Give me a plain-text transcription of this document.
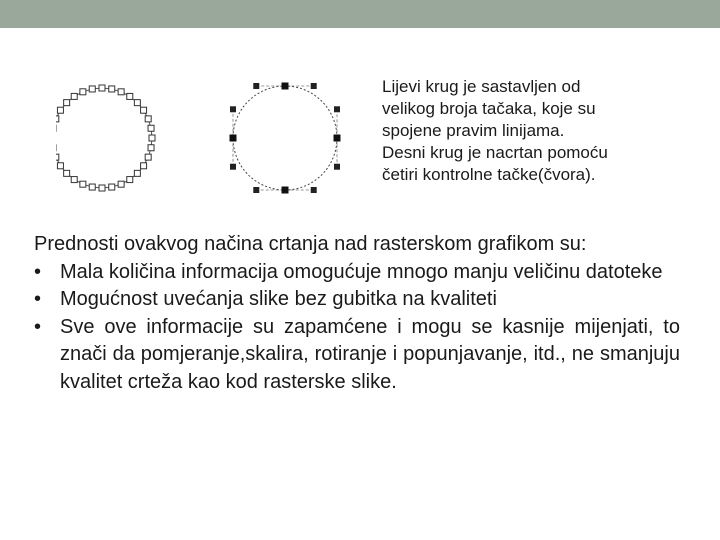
Lijevi krug je sastavljen od
velikog broja tačaka, koje su
spojene pravim linijama.
Desni krug je nacrtan pomoću
četiri kontrolne tačke(čvora).

Prednosti ovakvog načina crtanja nad rasterskom grafikom su:

• Mala količina informacija omogućuje mnogo manju veličinu datoteke
• Mogućnost uvećanja slike bez gubitka na kvaliteti
• Sve ove informacije su zapamćene i mogu se kasnije mijenjati, to znači da pomjeranje,skalira, rotiranje i popunjavanje, itd., ne smanjuju kvalitet crteža kao kod rasterske slike.
